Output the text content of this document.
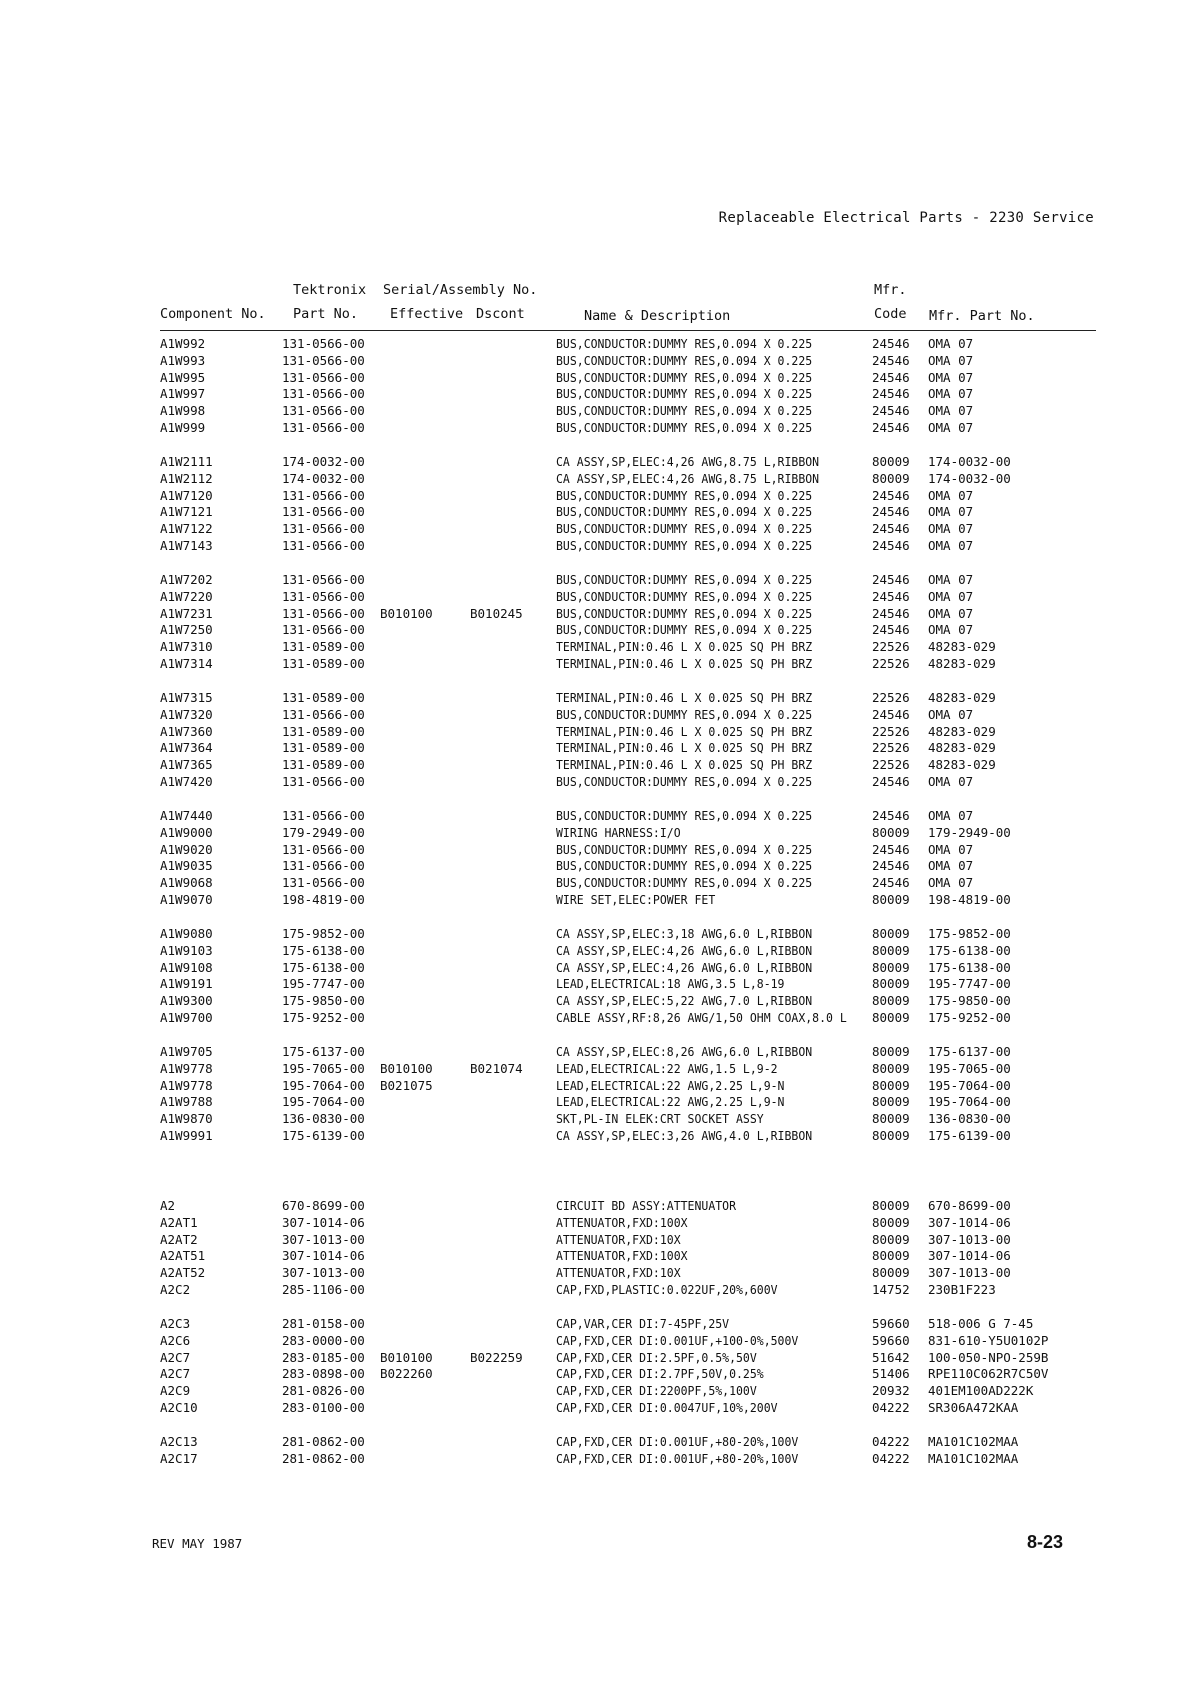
Replaceable Electrical Parts - 2230 Service
Tektronix Serial/Assembly No.	Mfr.
Component No. Part No. Effective Dscont	Name & Description	Code Mfr. Part No.
A1W992	131-0566-00	BUS,CONDUCTOR:DUMMY RES,0.094 X 0.225	24546 OMA 07
A1W993	131-0566-00	BUS,CONDUCTOR:DUMMY RES,0.094 X 0.225	24546 OMA 07
A1W995	131-0566-00	BUS,CONDUCTOR:DUMMY RES,0.094 X 0.225	24546 OMA 07
A1W997	131-0566-00	BUS,CONDUCTOR:DUMMY RES,0.094 X 0.225	24546 OMA 07
A1W998	131-0566-00	BUS,CONDUCTOR:DUMMY RES,0.094 X 0.225	24546 OMA 07
A1W999	131-0566-00	BUS,CONDUCTOR:DUMMY RES,0.094 X 0.225	24546 OMA 07
A1W2111	174-0032-00	CA ASSY,SP,ELEC:4,26 AWG,8.75 L,RIBBON	80009 174-0032-00
A1W2112	174-0032-00	CA ASSY,SP,ELEC:4,26 AWG,8.75 L,RIBBON	80009 174-0032-00
A1W7120	131-0566-00	BUS,CONDUCTOR:DUMMY RES,0.094 X 0.225	24546 OMA 07
A1W7121	131-0566-00	BUS,CONDUCTOR:DUMMY RES,0.094 X 0.225	24546 OMA 07
A1W7122	131-0566-00	BUS,CONDUCTOR:DUMMY RES,0.094 X 0.225	24546 OMA 07
A1W7143	131-0566-00	BUS,CONDUCTOR:DUMMY RES,0.094 X 0.225	24546 OMA 07
A1W7202	131-0566-00	BUS,CONDUCTOR:DUMMY RES,0.094 X 0.225	24546 OMA 07
A1W7220	131-0566-00	BUS,CONDUCTOR:DUMMY RES,0.094 X 0.225	24546 OMA 07
A1W7231	131-0566-00 B010100	B010245	BUS,CONDUCTOR:DUMMY RES,0.094 X 0.225	24546 OMA 07
A1W7250	131-0566-00	BUS,CONDUCTOR:DUMMY RES,0.094 X 0.225	24546 OMA 07
A1W7310	131-0589-00	TERMINAL,PIN:0.46 L X 0.025 SQ PH BRZ	22526 48283-029
A1W7314	131-0589-00	TERMINAL,PIN:0.46 L X 0.025 SQ PH BRZ	22526 48283-029
A1W7315	131-0589-00	TERMINAL,PIN:0.46 L X 0.025 SQ PH BRZ	22526 48283-029
A1W7320	131-0566-00	BUS,CONDUCTOR:DUMMY RES,0.094 X 0.225	24546 OMA 07
A1W7360	131-0589-00	TERMINAL,PIN:0.46 L X 0.025 SQ PH BRZ	22526 48283-029
A1W7364	131-0589-00	TERMINAL,PIN:0.46 L X 0.025 SQ PH BRZ	22526 48283-029
A1W7365	131-0589-00	TERMINAL,PIN:0.46 L X 0.025 SQ PH BRZ	22526 48283-029
A1W7420	131-0566-00	BUS,CONDUCTOR:DUMMY RES,0.094 X 0.225	24546 OMA 07
A1W7440	131-0566-00	BUS,CONDUCTOR:DUMMY RES,0.094 X 0.225	24546 OMA 07
A1W9000	179-2949-00	WIRING HARNESS:I/O	80009 179-2949-00
A1W9020	131-0566-00	BUS,CONDUCTOR:DUMMY RES,0.094 X 0.225	24546 OMA 07
A1W9035	131-0566-00	BUS,CONDUCTOR:DUMMY RES,0.094 X 0.225	24546 OMA 07
A1W9068	131-0566-00	BUS,CONDUCTOR:DUMMY RES,0.094 X 0.225	24546 OMA 07
A1W9070	198-4819-00	WIRE SET,ELEC:POWER FET	80009 198-4819-00
A1W9080	175-9852-00	CA ASSY,SP,ELEC:3,18 AWG,6.0 L,RIBBON	80009 175-9852-00
A1W9103	175-6138-00	CA ASSY,SP,ELEC:4,26 AWG,6.0 L,RIBBON	80009 175-6138-00
A1W9108	175-6138-00	CA ASSY,SP,ELEC:4,26 AWG,6.0 L,RIBBON	80009 175-6138-00
A1W9191	195-7747-00	LEAD,ELECTRICAL:18 AWG,3.5 L,8-19	80009 195-7747-00
A1W9300	175-9850-00	CA ASSY,SP,ELEC:5,22 AWG,7.0 L,RIBBON	80009 175-9850-00
A1W9700	175-9252-00	CABLE ASSY,RF:8,26 AWG/1,50 OHM COAX,8.0 L 80009 175-9252-00
A1W9705	175-6137-00	CA ASSY,SP,ELEC:8,26 AWG,6.0 L,RIBBON	80009 175-6137-00
A1W9778	195-7065-00 B010100	B021074	LEAD,ELECTRICAL:22 AWG,1.5 L,9-2	80009 195-7065-00
A1W9778	195-7064-00 B021075	LEAD,ELECTRICAL:22 AWG,2.25 L,9-N	80009 195-7064-00
A1W9788	195-7064-00	LEAD,ELECTRICAL:22 AWG,2.25 L,9-N	80009 195-7064-00
A1W9870	136-0830-00	SKT,PL-IN ELEK:CRT SOCKET ASSY	80009 136-0830-00
A1W9991	175-6139-00	CA ASSY,SP,ELEC:3,26 AWG,4.0 L,RIBBON	80009 175-6139-00
A2	670-8699-00	CIRCUIT BD ASSY:ATTENUATOR	80009 670-8699-00
A2AT1	307-1014-06	ATTENUATOR,FXD:100X	80009 307-1014-06
A2AT2	307-1013-00	ATTENUATOR,FXD:10X	80009 307-1013-00
A2AT51	307-1014-06	ATTENUATOR,FXD:100X	80009 307-1014-06
A2AT52	307-1013-00	ATTENUATOR,FXD:10X	80009 307-1013-00
A2C2	285-1106-00	CAP,FXD,PLASTIC:0.022UF,20%,600V	14752 230B1F223
A2C3	281-0158-00	CAP,VAR,CER DI:7-45PF,25V	59660 518-006 G 7-45
A2C6	283-0000-00	CAP,FXD,CER DI:0.001UF,+100-0%,500V	59660 831-610-Y5U0102P
A2C7	283-0185-00 B010100	B022259	CAP,FXD,CER DI:2.5PF,0.5%,50V	51642 100-050-NPO-259B
A2C7	283-0898-00 B022260	CAP,FXD,CER DI:2.7PF,50V,0.25%	51406 RPE110C062R7C50V
A2C9	281-0826-00	CAP,FXD,CER DI:2200PF,5%,100V	20932 401EM100AD222K
A2C10	283-0100-00	CAP,FXD,CER DI:0.0047UF,10%,200V	04222 SR306A472KAA
A2C13	281-0862-00	CAP,FXD,CER DI:0.001UF,+80-20%,100V	04222 MA101C102MAA
A2C17	281-0862-00	CAP,FXD,CER DI:0.001UF,+80-20%,100V	04222 MA101C102MAA
REV MAY 1987	8-23
